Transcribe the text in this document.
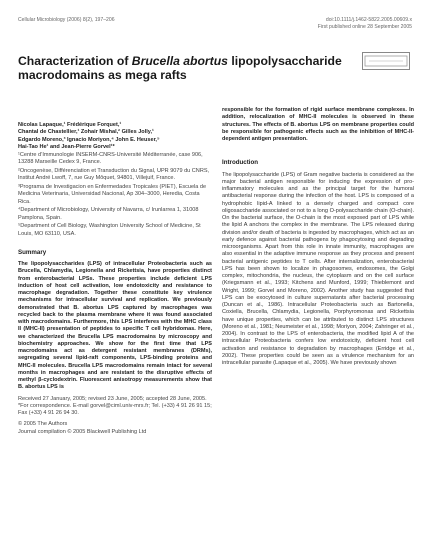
Cellular Microbiology (2006) 8(2), 197–206	doi:10.1111/j.1462-5822.2005.00609.x
First published online 28 September 2005
Characterization of Brucella abortus lipopolysaccharide macrodomains as mega rafts
Nicolas Lapaque,¹ Frédérique Forquet,¹
Chantal de Chastellier,¹ Zohair Mishal,² Gilles Jolly,¹
Edgardo Moreno,³ Ignacio Moriyon,⁴ John E. Heuser,⁵
Hai-Tao He¹ and Jean-Pierre Gorvel¹*
¹Centre d’Immunologie INSERM-CNRS-Université Méditerranée, case 906, 13288 Marseille Cedex 9, France.
²Oncogenèse, Différenciation et Transduction du Signal, UPR 9079 du CNRS, Institut André Lwoff, 7, rue Guy Môquet, 94801, Villejuif, France.
³Programa de Investigacion en Enfermedades Tropicales (PIET), Escuela de Medicina Veterinaria, Universidad Nacional, Ap 304–3000, Heredia, Costa Rica.
⁴Department of Microbiology, University of Navarra, c/ Irunlarrea 1, 31008 Pamplona, Spain.
⁵Department of Cell Biology, Washington University School of Medicine, St Louis, MO 63110, USA.
Summary
The lipopolysaccharides (LPS) of intracellular Proteobacteria such as Brucella, Chlamydia, Legionella and Rickettsia, have properties distinct from enterobacterial LPSs. These properties include deficient LPS induction of host cell activation, low endotoxicity and resistance to macrophage degradation. Together these constitute key virulence mechanisms for intracellular survival and replication. We previously demonstrated that B. abortus LPS captured by macrophages was recycled back to the plasma membrane where it was found associated with macrodomains. Furthermore, this LPS interferes with the MHC class II (MHC-II) presentation of peptides to specific T cell hybridomas. Here, we characterized the Brucella LPS macrodomains by microscopy and biochemistry approaches. We show for the first time that LPS macrodomains act as detergent resistant membranes (DRMs), segregating several lipid-raft components, LPS-binding proteins and MHC-II molecules. Brucella LPS macrodomains remain intact for several months in macrophages and are resistant to the disruptive effects of methyl β-cyclodextrin. Fluorescent anisotropy measurements show that B. abortus LPS is
Received 27 January, 2005; revised 23 June, 2005; accepted 28 June, 2005. *For correspondence. E-mail gorvel@ciml.univ-mrs.fr; Tel. (+33) 4 91 26 91 15; Fax (+33) 4 91 26 94 30.
© 2005 The Authors
Journal compilation © 2005 Blackwell Publishing Ltd
responsible for the formation of rigid surface membrane complexes. In addition, relocalization of MHC-II molecules is observed in these structures. The effects of B. abortus LPS on membrane properties could be responsible for pathogenic effects such as the inhibition of MHC-II-dependent antigen presentation.
Introduction
The lipopolysaccharide (LPS) of Gram negative bacteria is considered as the major bacterial antigen responsible for inducing the expression of pro-inflammatory molecules and as the principal target for the humoral antibacterial response during the infection of the host. LPS is composed of a hydrophobic lipid-A linked to a densely charged and compact core oligosaccharide associated or not to a long O-polysaccharide chain (O-chain). On the bacterial surface, the O-chain is the most exposed part of LPS while the lipid A anchors the complex in the membrane. The LPS released during division and/or death of bacteria is ingested by macrophages, which act as an early defence against bacterial pathogens by phagocytosing and degrading microorganisms. Apart from this role in innate immunity, macrophages are also essential in the adaptive immune response as they process and present bacterial antigenic peptides to T cells. After internalization, enterobacterial LPS has been shown to localize in phagosomes, endosomes, the Golgi complex, mitochondria, the nucleus, the cytoplasm and on the cell surface (Kriegsmann et al., 1993; Kitchens and Munford, 1999; Thieblemont and Wright, 1999; Gorvel and Moreno, 2002). Another study has suggested that LPS can be exocytosed in culture supernatants after bacterial processing (Duncan et al., 1986). Intracellular Proteobacteria such as Bartonella, Coxiella, Brucella, Chlamydia, Legionella, Porphyromonas and Rickettsia have unique properties, which can be attributed to distinct LPS structures (Moreno et al., 1981; Neumeister et al., 1998; Moriyon, 2004; Zahringer et al., 2004). In contrast to the LPS of enterobacteria, the modified lipid A of the intracellular Proteobacteria confers low endotoxicity, deficient host cell activation and resistance to degradation by macrophages (Erridge et al., 2002). These properties could be seen as a virulence mechanism for an intracellular parasite (Lapaque et al., 2005). We have previously shown
